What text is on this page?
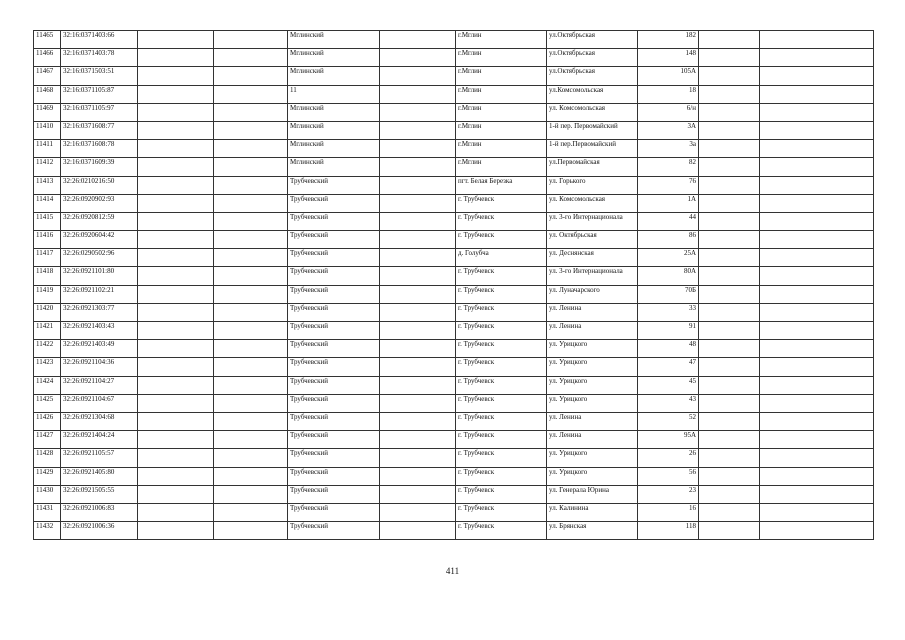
11465	32:16:0371403:66			Мглинский		г.Мглин	ул.Октябрьская	182		
11466	32:16:0371403:78			Мглинский		г.Мглин	ул.Октябрьская	148		
11467	32:16:0371503:51			Мглинский		г.Мглин	ул.Октябрьская	105А		
11468	32:16:0371105:87			11		г.Мглин	ул.Комсомольская	18		
11469	32:16:0371105:97			Мглинский		г.Мглин	ул. Комсомольская	6/н		
11410	32:16:0371608:77			Мглинский		г.Мглин	1-й пер. Первомайский	3А		
11411	32:16:0371608:78			Мглинский		г.Мглин	1-й пер.Первомайский	3а		
11412	32:16:0371609:39			Мглинский		г.Мглин	ул.Первомайская	82		
11413	32:26:0210216:50			Трубчевский		пгт. Белая Березка	ул. Горького	76		
11414	32:26:0920902:93			Трубчевский		г. Трубчевск	ул. Комсомольская	1А		
11415	32:26:0920812:59			Трубчевский		г. Трубчевск	ул. 3-го Интернационала	44		
11416	32:26:0920604:42			Трубчевский		г. Трубчевск	ул. Октябрьская	86		
11417	32:26:0290502:96			Трубчевский		д. Голубча	ул. Деснянская	25А		
11418	32:26:0921101:80			Трубчевский		г. Трубчевск	ул. 3-го Интернационала	80А		
11419	32:26:0921102:21			Трубчевский		г. Трубчевск	ул. Луначарского	70Б		
11420	32:26:0921303:77			Трубчевский		г. Трубчевск	ул. Ленина	33		
11421	32:26:0921403:43			Трубчевский		г. Трубчевск	ул. Ленина	91		
11422	32:26:0921403:49			Трубчевский		г. Трубчевск	ул. Урицкого	48		
11423	32:26:0921104:36			Трубчевский		г. Трубчевск	ул. Урицкого	47		
11424	32:26:0921104:27			Трубчевский		г. Трубчевск	ул. Урицкого	45		
11425	32:26:0921104:67			Трубчевский		г. Трубчевск	ул. Урицкого	43		
11426	32:26:0921304:68			Трубчевский		г. Трубчевск	ул. Ленина	52		
11427	32:26:0921404:24			Трубчевский		г. Трубчевск	ул. Ленина	95А		
11428	32:26:0921105:57			Трубчевский		г. Трубчевск	ул. Урицкого	26		
11429	32:26:0921405:80			Трубчевский		г. Трубчевск	ул. Урицкого	56		
11430	32:26:0921505:55			Трубчевский		г. Трубчевск	ул. Генерала Юрина	23		
11431	32:26:0921006:83			Трубчевский		г. Трубчевск	ул. Калинина	16		
11432	32:26:0921006:36			Трубчевский		г. Трубчевск	ул. Брянская	118		
411
